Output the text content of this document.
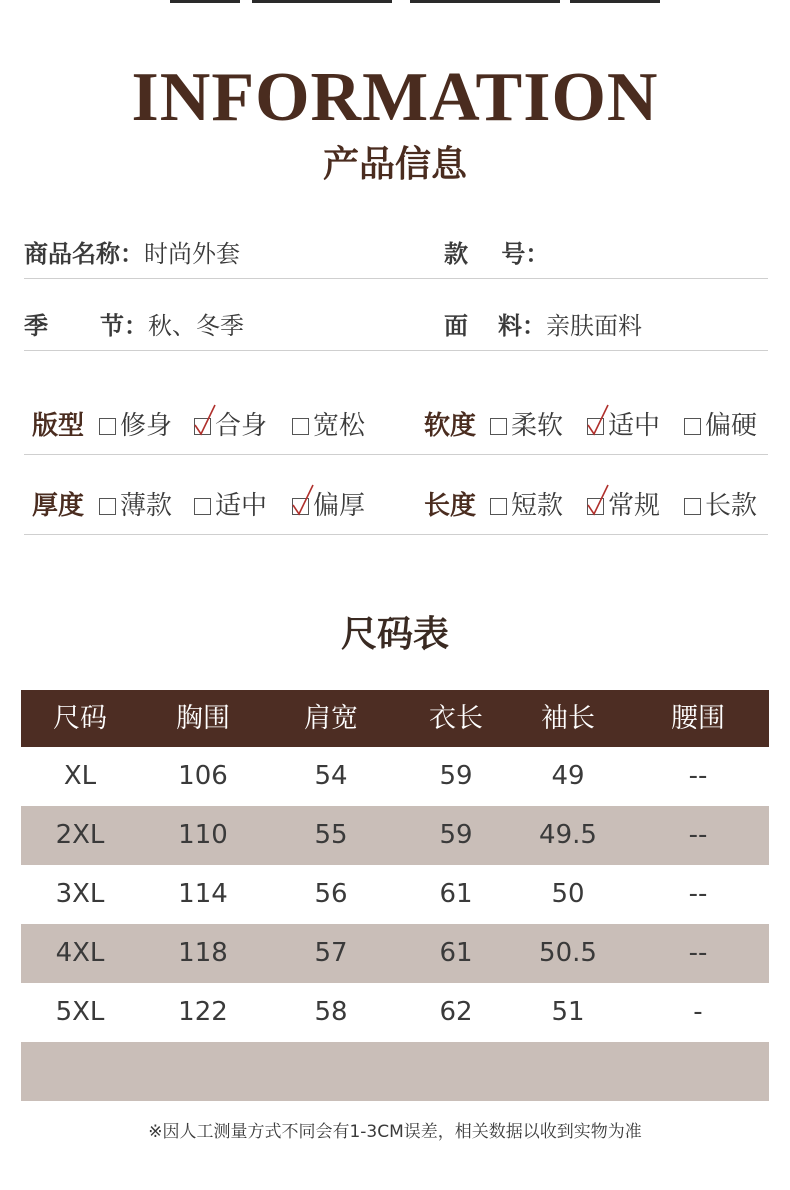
INFORMATION
产品信息
商品名称：时尚外套	款    号：
季 节：秋、冬季	面 料：亲肤面料
版型	修身	合身	宽松 软度	柔软	适中	偏硬
厚度	薄款	适中	偏厚 长度	短款	常规	长款
尺码表
尺码	胸围	肩宽	衣长	袖长	腰围
XL	106	54	59	49	--
2XL	110	55	59	49.5	--
3XL	114	56	61	50	--
4XL	118	57	61	50.5	--
5XL	122	58	62	51	-
※因人工测量方式不同会有1-3CM误差，相关数据以收到实物为准
